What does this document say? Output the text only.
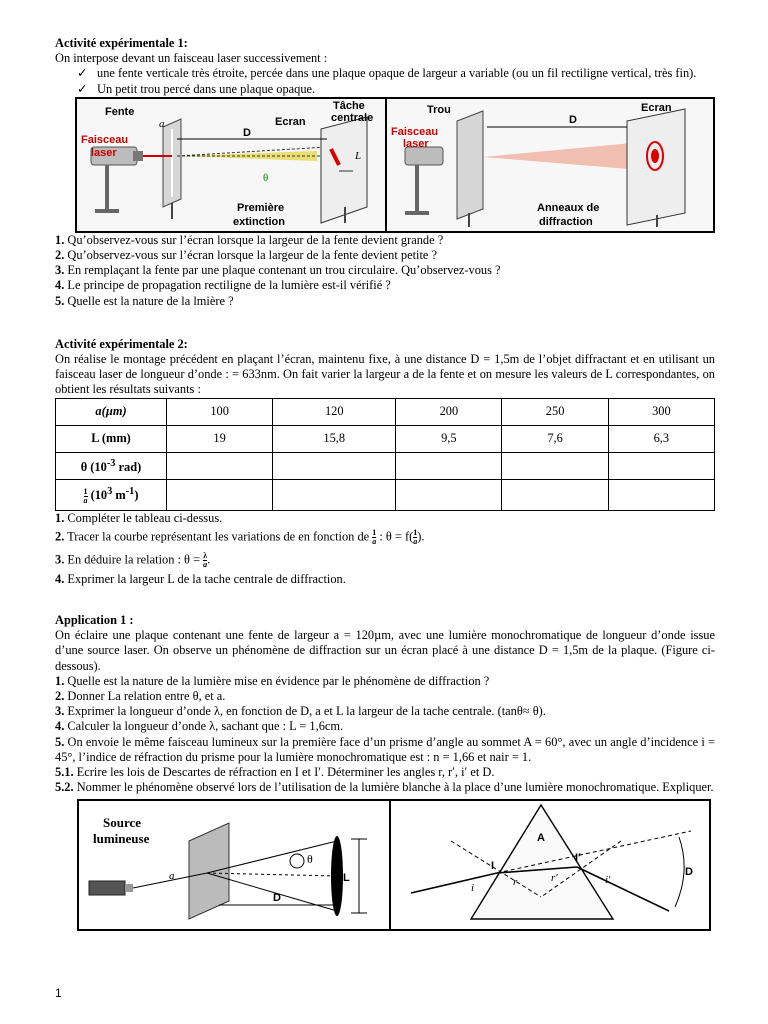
Activité expérimentale 1:

On interpose devant un faisceau laser successivement :

✓ une fente verticale très étroite, percée dans une plaque opaque de largeur a variable (ou un fil rectiligne vertical, très fin).
✓ Un petit trou percé dans une plaque opaque.
Fente
a
Faisceau
laser
D
Ecran
Tâche
centrale
L
θ
Première
extinction
Trou
D
Ecran
Faisceau
laser
Anneaux de
diffraction

1. Qu’observez-vous sur l’écran lorsque la largeur de la fente devient grande ?

2. Qu’observez-vous sur l’écran lorsque la largeur de la fente devient petite ?

3. En remplaçant la fente par une plaque contenant un trou circulaire. Qu’observez-vous ?

4. Le principe de propagation rectiligne de la lumière est-il vérifié ?

5. Quelle est la nature de la lmière ?

Activité expérimentale 2:

On réalise le montage précédent en plaçant l’écran, maintenu fixe, à une distance D = 1,5m de l’objet diffractant et en utilisant un faisceau laser de longueur d’onde : = 633nm. On fait varier la largeur a de la fente et on mesure les valeurs de L correspondantes, on obtient les résultats suivants :

a(µm)	100	120	200	250	300
L (mm)	19	15,8	9,5	7,6	6,3
θ ($10^{-3}$ rad)					

$\frac{1}{a} (10^3$ $m^{-1}$)					

1. Compléter le tableau ci-dessus.

2. Tracer la courbe représentant les variations de en fonction de $\frac{1}{a}$ : $\theta = f( \frac{1}{a}$ ).

3. En déduire la relation : $\theta = \frac{\lambda}{a}$ .

4. Exprimer la largeur L de la tache centrale de diffraction.

Application 1 :

On éclaire une plaque contenant une fente de largeur a = 120µm, avec une lumière monochromatique de longueur d’onde issue d’une source laser. On observe un phénomène de diffraction sur un écran placé à une distance D = 1,5m de la plaque. (Figure ci-dessous).

1. Quelle est la nature de la lumière mise en évidence par le phénomène de diffraction ?

2. Donner La relation entre θ, et a.

3. Exprimer la longueur d’onde λ, en fonction de D, a et L la largeur de la tache centrale. (tanθ≈ θ).

4. Calculer la longueur d’onde λ, sachant que : L = 1,6cm.

5. On envoie le même faisceau lumineux sur la première face d’un prisme d’angle au sommet A = 60°, avec un angle d’incidence i = 45°, l’indice de réfraction du prisme pour la lumière monochromatique est : n = 1,66 et nair = 1.

5.1. Ecrire les lois de Descartes de réfraction en I et I′. Déterminer les angles r, r′, i′ et D.

5.2. Nommer le phénomène observé lors de l’utilisation de la lumière blanche à la place d’une lumière monochromatique. Expliquer.

Source
lumineuse
a
θ
L
D
A
I
I′
i	r	r′	i′
D
1
